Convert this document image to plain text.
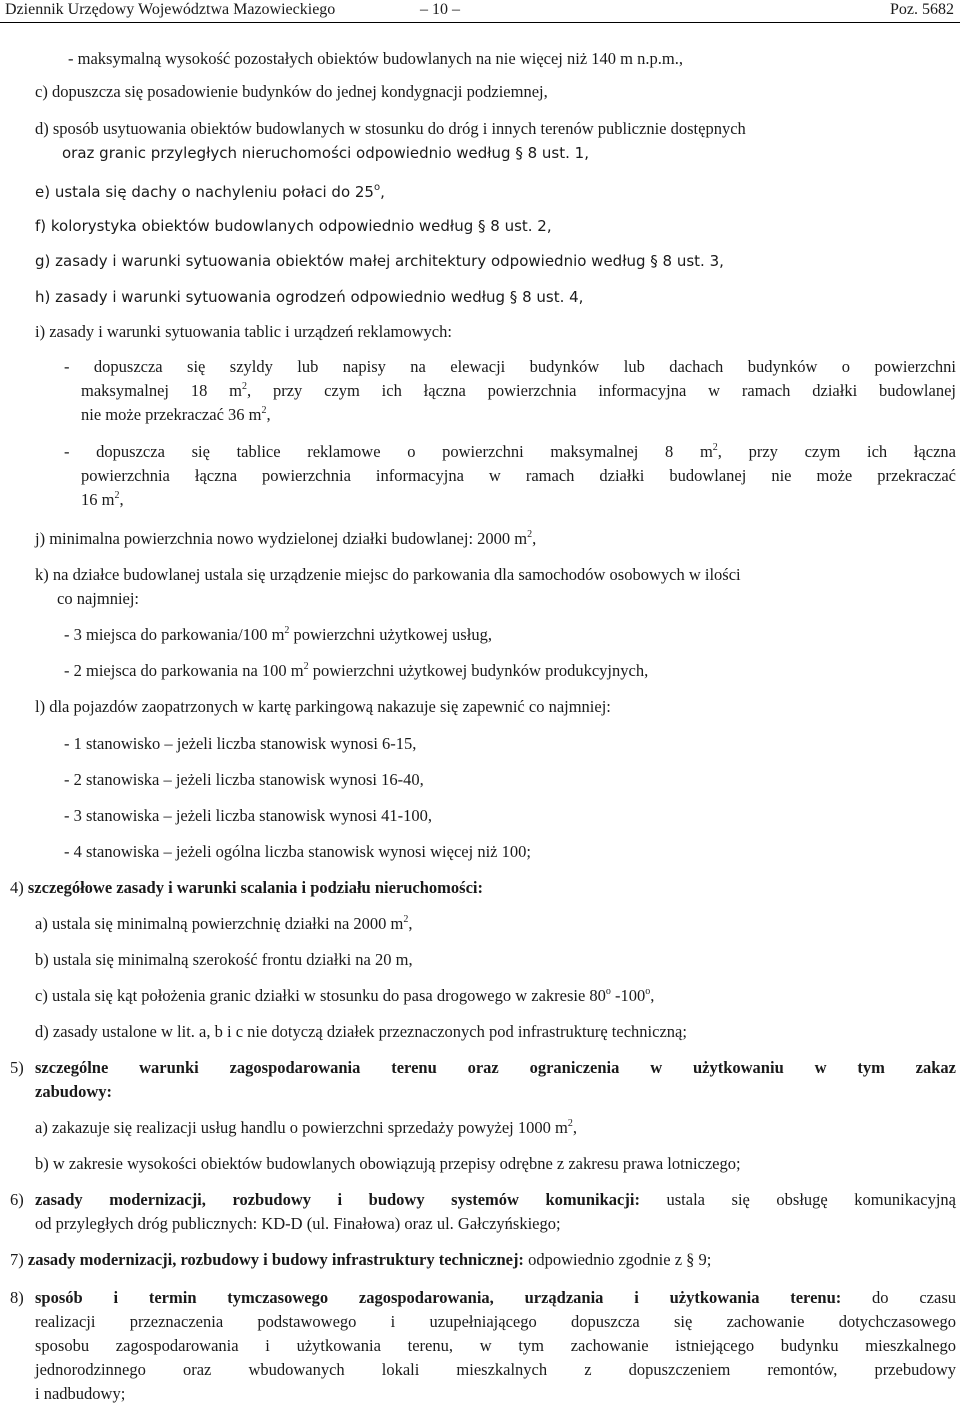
Dziennik Urzędowy Województwa Mazowieckiego	– 10 –	Poz. 5682
- maksymalną wysokość pozostałych obiektów budowlanych na nie więcej niż 140 m n.p.m.,
c) dopuszcza się posadowienie budynków do jednej kondygnacji podziemnej,
d) sposób usytuowania obiektów budowlanych w stosunku do dróg i innych terenów publicznie dostępnych
oraz granic przyległych nieruchomości odpowiednio według § 8 ust. 1,
e) ustala się dachy o nachyleniu połaci do 25$^o$,
f) kolorystyka obiektów budowlanych odpowiednio według § 8 ust. 2,
g) zasady i warunki sytuowania obiektów małej architektury odpowiednio według § 8 ust. 3,
h) zasady i warunki sytuowania ogrodzeń odpowiednio według § 8 ust. 4,
i) zasady i warunki sytuowania tablic i urządzeń reklamowych:
- dopuszcza się szyldy lub napisy na elewacji budynków lub dachach budynków o powierzchni
maksymalnej 18 $m^2$, przy czym ich łączna powierzchnia informacyjna w ramach działki budowlanej
nie może przekraczać 36 $m^2$,
- dopuszcza się tablice reklamowe o powierzchni maksymalnej 8 $m^2$, przy czym ich łączna
powierzchnia łączna powierzchnia informacyjna w ramach działki budowlanej nie może przekraczać
16 $m^2$,
j) minimalna powierzchnia nowo wydzielonej działki budowlanej: 2000 $m^2$,
k) na działce budowlanej ustala się urządzenie miejsc do parkowania dla samochodów osobowych w ilości
co najmniej:
- 3 miejsca do parkowania/100 $m^2$ powierzchni użytkowej usług,
- 2 miejsca do parkowania na 100 $m^2$ powierzchni użytkowej budynków produkcyjnych,
l) dla pojazdów zaopatrzonych w kartę parkingową nakazuje się zapewnić co najmniej:
- 1 stanowisko – jeżeli liczba stanowisk wynosi 6-15,
- 2 stanowiska – jeżeli liczba stanowisk wynosi 16-40,
- 3 stanowiska – jeżeli liczba stanowisk wynosi 41-100,
- 4 stanowiska – jeżeli ogólna liczba stanowisk wynosi więcej niż 100;
4) szczegółowe zasady i warunki scalania i podziału nieruchomości:
a) ustala się minimalną powierzchnię działki na 2000 $m^2$,
b) ustala się minimalną szerokość frontu działki na 20 m,
c) ustala się kąt położenia granic działki w stosunku do pasa drogowego w zakresie 80$^o$ -100$^o$,
d) zasady ustalone w lit. a, b i c nie dotyczą działek przeznaczonych pod infrastrukturę techniczną;
5) szczególne warunki zagospodarowania terenu oraz ograniczenia w użytkowaniu w tym zakaz
zabudowy:
a) zakazuje się realizacji usług handlu o powierzchni sprzedaży powyżej 1000 $m^2$,
b) w zakresie wysokości obiektów budowlanych obowiązują przepisy odrębne z zakresu prawa lotniczego;
6) zasady modernizacji, rozbudowy i budowy systemów komunikacji: ustala się obsługę komunikacyjną
od przyległych dróg publicznych: KD-D (ul. Finałowa) oraz ul. Gałczyńskiego;
7) zasady modernizacji, rozbudowy i budowy infrastruktury technicznej: odpowiednio zgodnie z § 9;
8) sposób i termin tymczasowego zagospodarowania, urządzania i użytkowania terenu: do czasu
realizacji przeznaczenia podstawowego i uzupełniającego dopuszcza się zachowanie dotychczasowego
sposobu zagospodarowania i użytkowania terenu, w tym zachowanie istniejącego budynku mieszkalnego
jednorodzinnego oraz wbudowanych lokali mieszkalnych z dopuszczeniem remontów, przebudowy
i nadbudowy;
